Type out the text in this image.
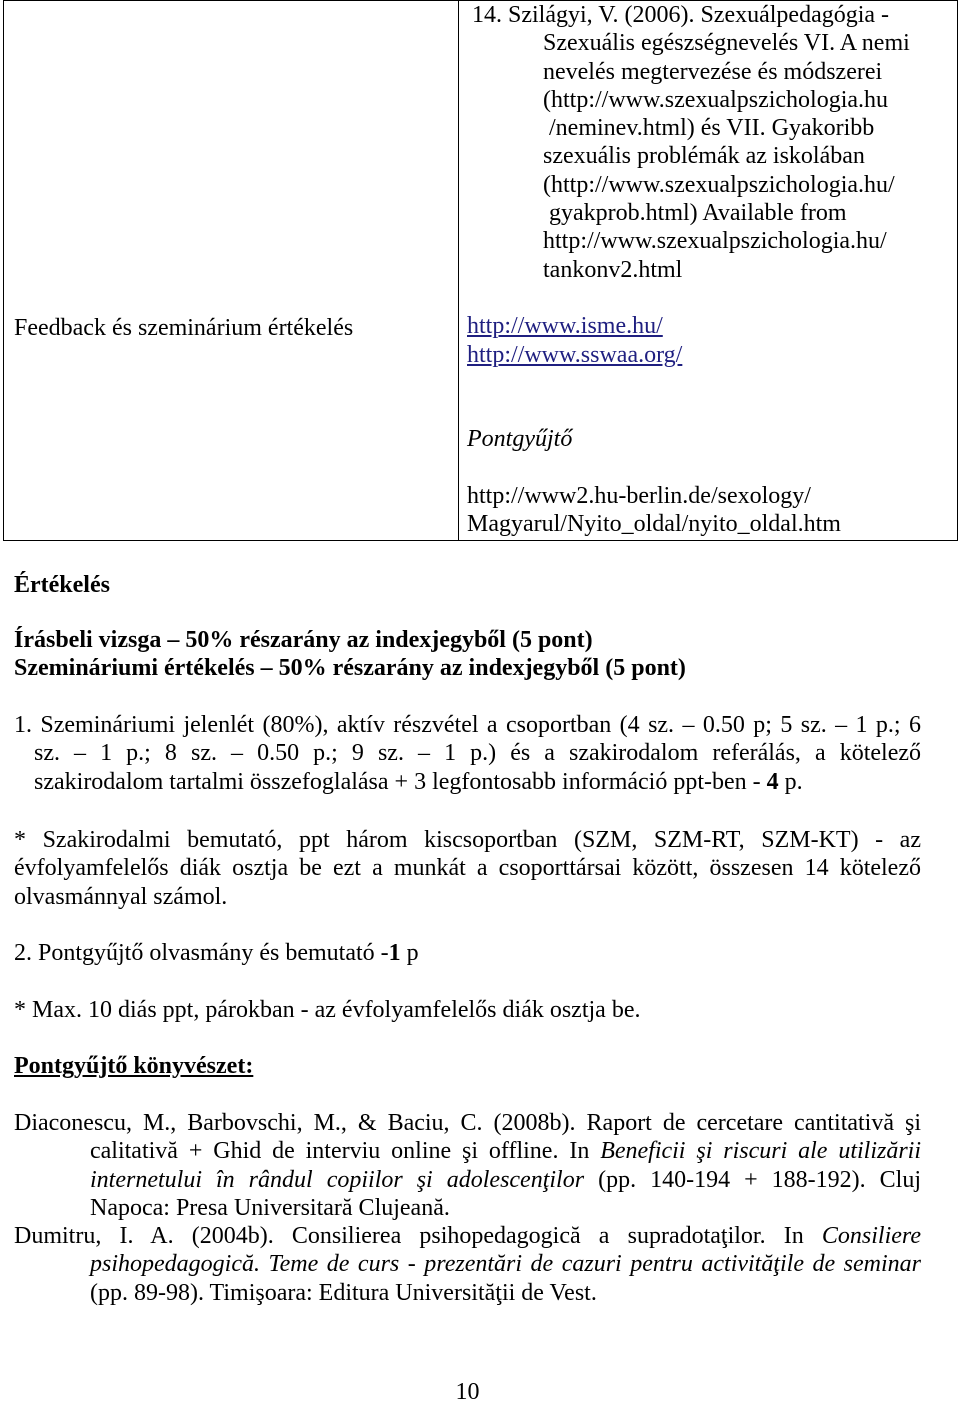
Feedback és szeminárium értékelés
14. Szilágyi, V. (2006). Szexuálpedagógia -
Szexuális egészségnevelés VI. A nemi
nevelés megtervezése és módszerei
(http://www.szexualpszichologia.hu
/neminev.html) és VII. Gyakoribb
szexuális problémák az iskolában
(http://www.szexualpszichologia.hu/
gyakprob.html) Available from
http://www.szexualpszichologia.hu/
tankonv2.html
http://www.isme.hu/
http://www.sswaa.org/
Pontgyűjtő
http://www2.hu-berlin.de/sexology/
Magyarul/Nyito_oldal/nyito_oldal.htm
Értékelés
Írásbeli vizsga – 50% részarány az indexjegyből (5 pont)
Szemináriumi értékelés – 50% részarány az indexjegyből (5 pont)
1. Szemináriumi jelenlét (80%), aktív részvétel a csoportban (4 sz. – 0.50 p; 5 sz. – 1 p.; 6
sz. – 1 p.; 8 sz. – 0.50 p.; 9 sz. – 1 p.) és a szakirodalom referálás, a kötelező
szakirodalom tartalmi összefoglalása + 3 legfontosabb információ ppt-ben - 4 p.
* Szakirodalmi bemutató, ppt három kiscsoportban (SZM, SZM-RT, SZM-KT) - az
évfolyamfelelős diák osztja be ezt a munkát a csoporttársai között, összesen 14 kötelező
olvasmánnyal számol.
2. Pontgyűjtő olvasmány és bemutató -1 p
* Max. 10 diás ppt, párokban - az évfolyamfelelős diák osztja be.
Pontgyűjtő könyvészet:
Diaconescu, M., Barbovschi, M., & Baciu, C. (2008b). Raport de cercetare cantitativă şi
calitativă + Ghid de interviu online şi offline. In Beneficii şi riscuri ale utilizării
internetului în rândul copiilor şi adolescenţilor (pp. 140-194 + 188-192). Cluj
Napoca: Presa Universitară Clujeană.
Dumitru, I. A. (2004b). Consilierea psihopedagogică a supradotaţilor. In Consiliere
psihopedagogică. Teme de curs - prezentări de cazuri pentru activităţile de seminar
(pp. 89-98). Timişoara: Editura Universităţii de Vest.
10
